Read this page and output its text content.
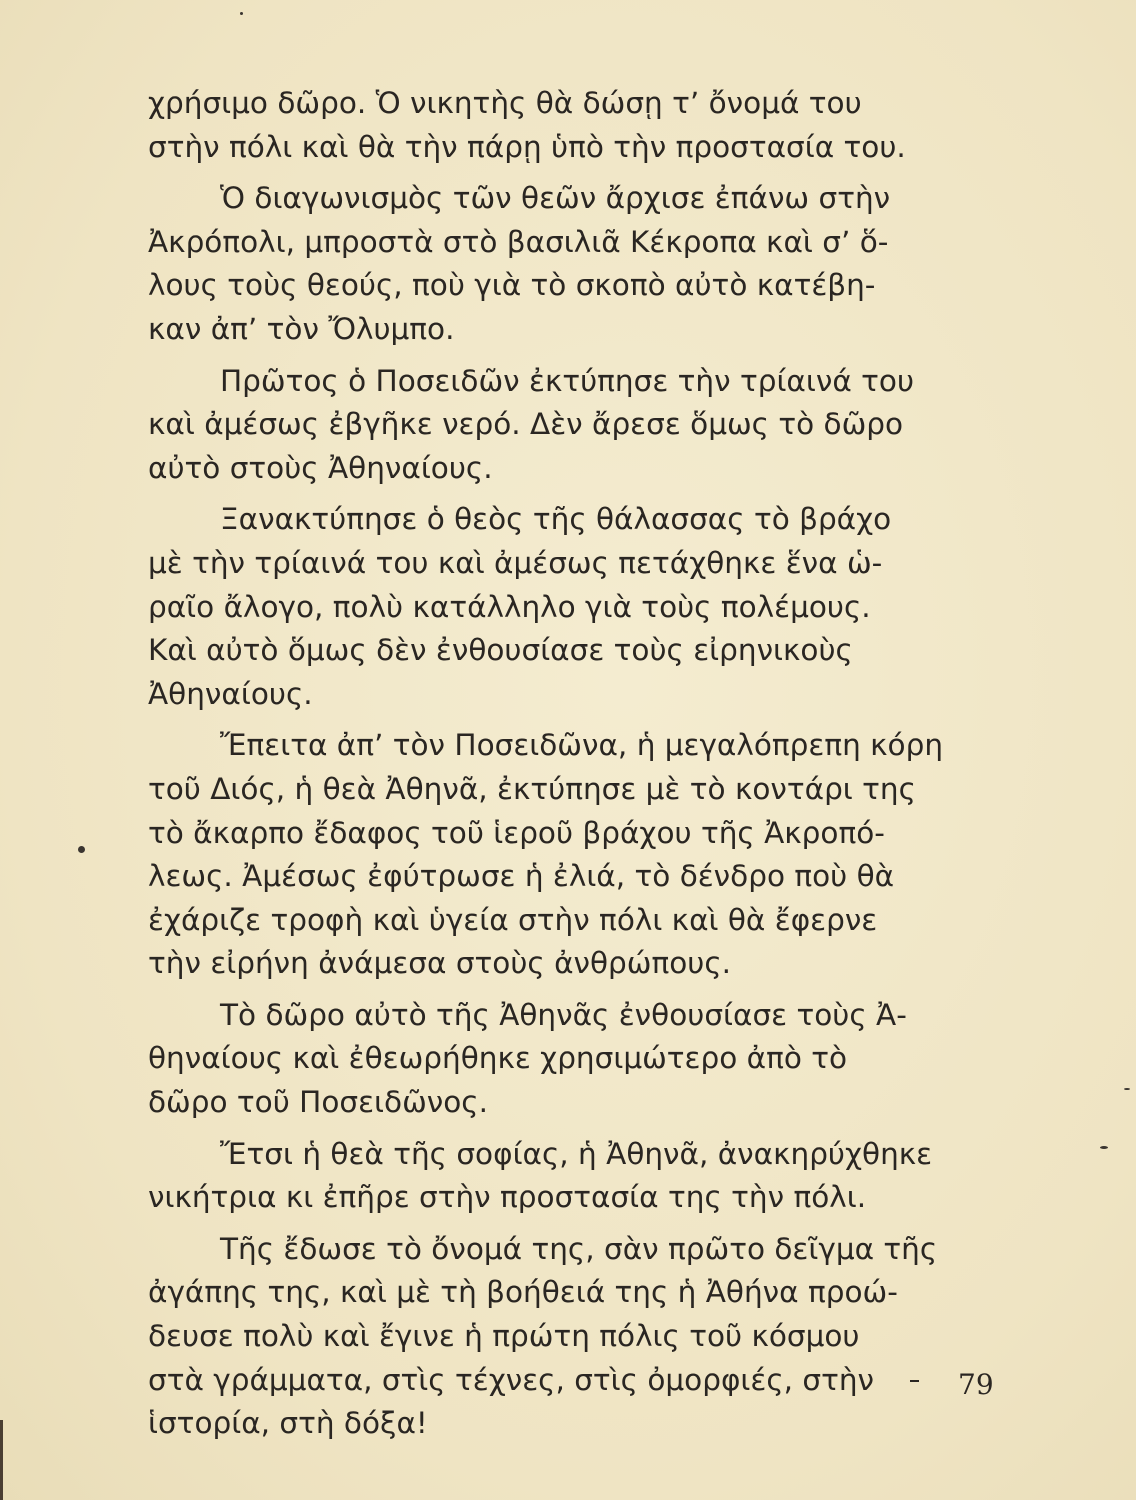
χρήσιμο δῶρο. Ὁ νικητὴς θὰ δώσῃ τ’ ὄνομά του
στὴν πόλι καὶ θὰ τὴν πάρῃ ὑπὸ τὴν προστασία του.

Ὁ διαγωνισμὸς τῶν θεῶν ἄρχισε ἐπάνω στὴν
Ἀκρόπολι, μπροστὰ στὸ βασιλιᾶ Κέκροπα καὶ σ’ ὅ-
λους τοὺς θεούς, ποὺ γιὰ τὸ σκοπὸ αὐτὸ κατέβη-
καν ἀπ’ τὸν Ὄλυμπο.

Πρῶτος ὁ Ποσειδῶν ἐκτύπησε τὴν τρίαινά του
καὶ ἀμέσως ἐβγῆκε νερό. Δὲν ἄρεσε ὅμως τὸ δῶρο
αὐτὸ στοὺς Ἀθηναίους.

Ξανακτύπησε ὁ θεὸς τῆς θάλασσας τὸ βράχο
μὲ τὴν τρίαινά του καὶ ἀμέσως πετάχθηκε ἕνα ὡ-
ραῖο ἄλογο, πολὺ κατάλληλο γιὰ τοὺς πολέμους.
Καὶ αὐτὸ ὅμως δὲν ἐνθουσίασε τοὺς εἰρηνικοὺς
Ἀθηναίους.

Ἔπειτα ἀπ’ τὸν Ποσειδῶνα, ἡ μεγαλόπρεπη κόρη
τοῦ Διός, ἡ θεὰ Ἀθηνᾶ, ἐκτύπησε μὲ τὸ κοντάρι της
τὸ ἄκαρπο ἔδαφος τοῦ ἱεροῦ βράχου τῆς Ἀκροπό-
λεως. Ἀμέσως ἐφύτρωσε ἡ ἐλιά, τὸ δένδρο ποὺ θὰ
ἐχάριζε τροφὴ καὶ ὑγεία στὴν πόλι καὶ θὰ ἔφερνε
τὴν εἰρήνη ἀνάμεσα στοὺς ἀνθρώπους.

Τὸ δῶρο αὐτὸ τῆς Ἀθηνᾶς ἐνθουσίασε τοὺς Ἀ-
θηναίους καὶ ἐθεωρήθηκε χρησιμώτερο ἀπὸ τὸ
δῶρο τοῦ Ποσειδῶνος.

Ἔτσι ἡ θεὰ τῆς σοφίας, ἡ Ἀθηνᾶ, ἀνακηρύχθηκε
νικήτρια κι ἐπῆρε στὴν προστασία της τὴν πόλι.

Τῆς ἔδωσε τὸ ὄνομά της, σὰν πρῶτο δεῖγμα τῆς
ἀγάπης της, καὶ μὲ τὴ βοήθειά της ἡ Ἀθήνα προώ-
δευσε πολὺ καὶ ἔγινε ἡ πρώτη πόλις τοῦ κόσμου
στὰ γράμματα, στὶς τέχνες, στὶς ὀμορφιές, στὴν
ἱστορία, στὴ δόξα!

79
